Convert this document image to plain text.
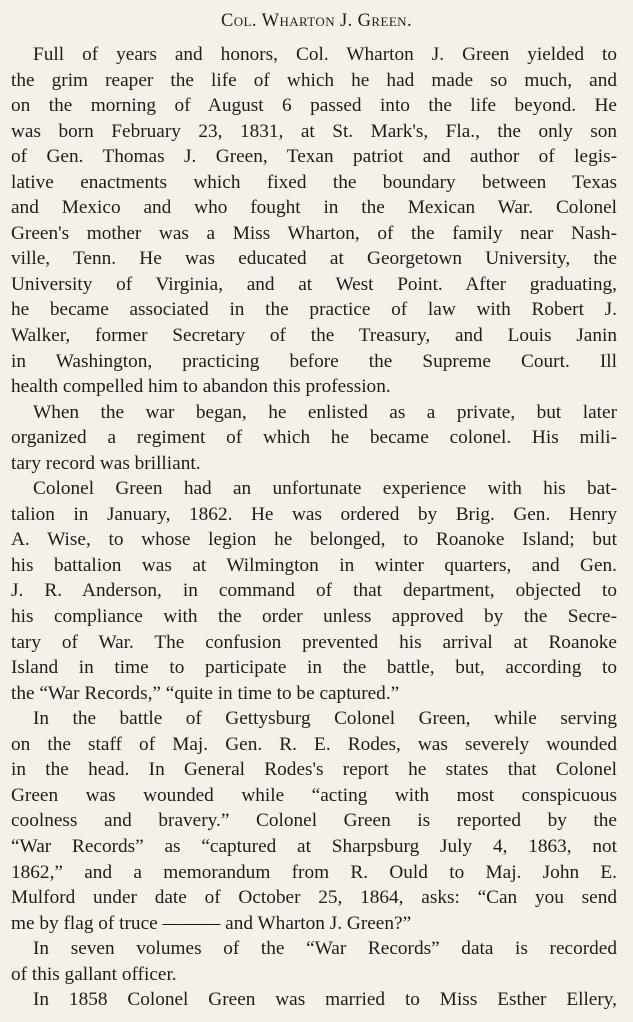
Col. Wharton J. Green.
Full of years and honors, Col. Wharton J. Green yielded to
the grim reaper the life of which he had made so much, and
on the morning of August 6 passed into the life beyond. He
was born February 23, 1831, at St. Mark's, Fla., the only son
of Gen. Thomas J. Green, Texan patriot and author of legis-
lative enactments which fixed the boundary between Texas
and Mexico and who fought in the Mexican War. Colonel
Green's mother was a Miss Wharton, of the family near Nash-
ville, Tenn. He was educated at Georgetown University, the
University of Virginia, and at West Point. After graduating,
he became associated in the practice of law with Robert J.
Walker, former Secretary of the Treasury, and Louis Janin
in Washington, practicing before the Supreme Court. Ill
health compelled him to abandon this profession.
When the war began, he enlisted as a private, but later
organized a regiment of which he became colonel. His mili-
tary record was brilliant.
Colonel Green had an unfortunate experience with his bat-
talion in January, 1862. He was ordered by Brig. Gen. Henry
A. Wise, to whose legion he belonged, to Roanoke Island; but
his battalion was at Wilmington in winter quarters, and Gen.
J. R. Anderson, in command of that department, objected to
his compliance with the order unless approved by the Secre-
tary of War. The confusion prevented his arrival at Roanoke
Island in time to participate in the battle, but, according to
the “War Records,” “quite in time to be captured.”
In the battle of Gettysburg Colonel Green, while serving
on the staff of Maj. Gen. R. E. Rodes, was severely wounded
in the head. In General Rodes's report he states that Colonel
Green was wounded while “acting with most conspicuous
coolness and bravery.” Colonel Green is reported by the
“War Records” as “captured at Sharpsburg July 4, 1863, not
1862,” and a memorandum from R. Ould to Maj. John E.
Mulford under date of October 25, 1864, asks: “Can you send
me by flag of truce ——— and Wharton J. Green?”
In seven volumes of the “War Records” data is recorded
of this gallant officer.
In 1858 Colonel Green was married to Miss Esther Ellery,
